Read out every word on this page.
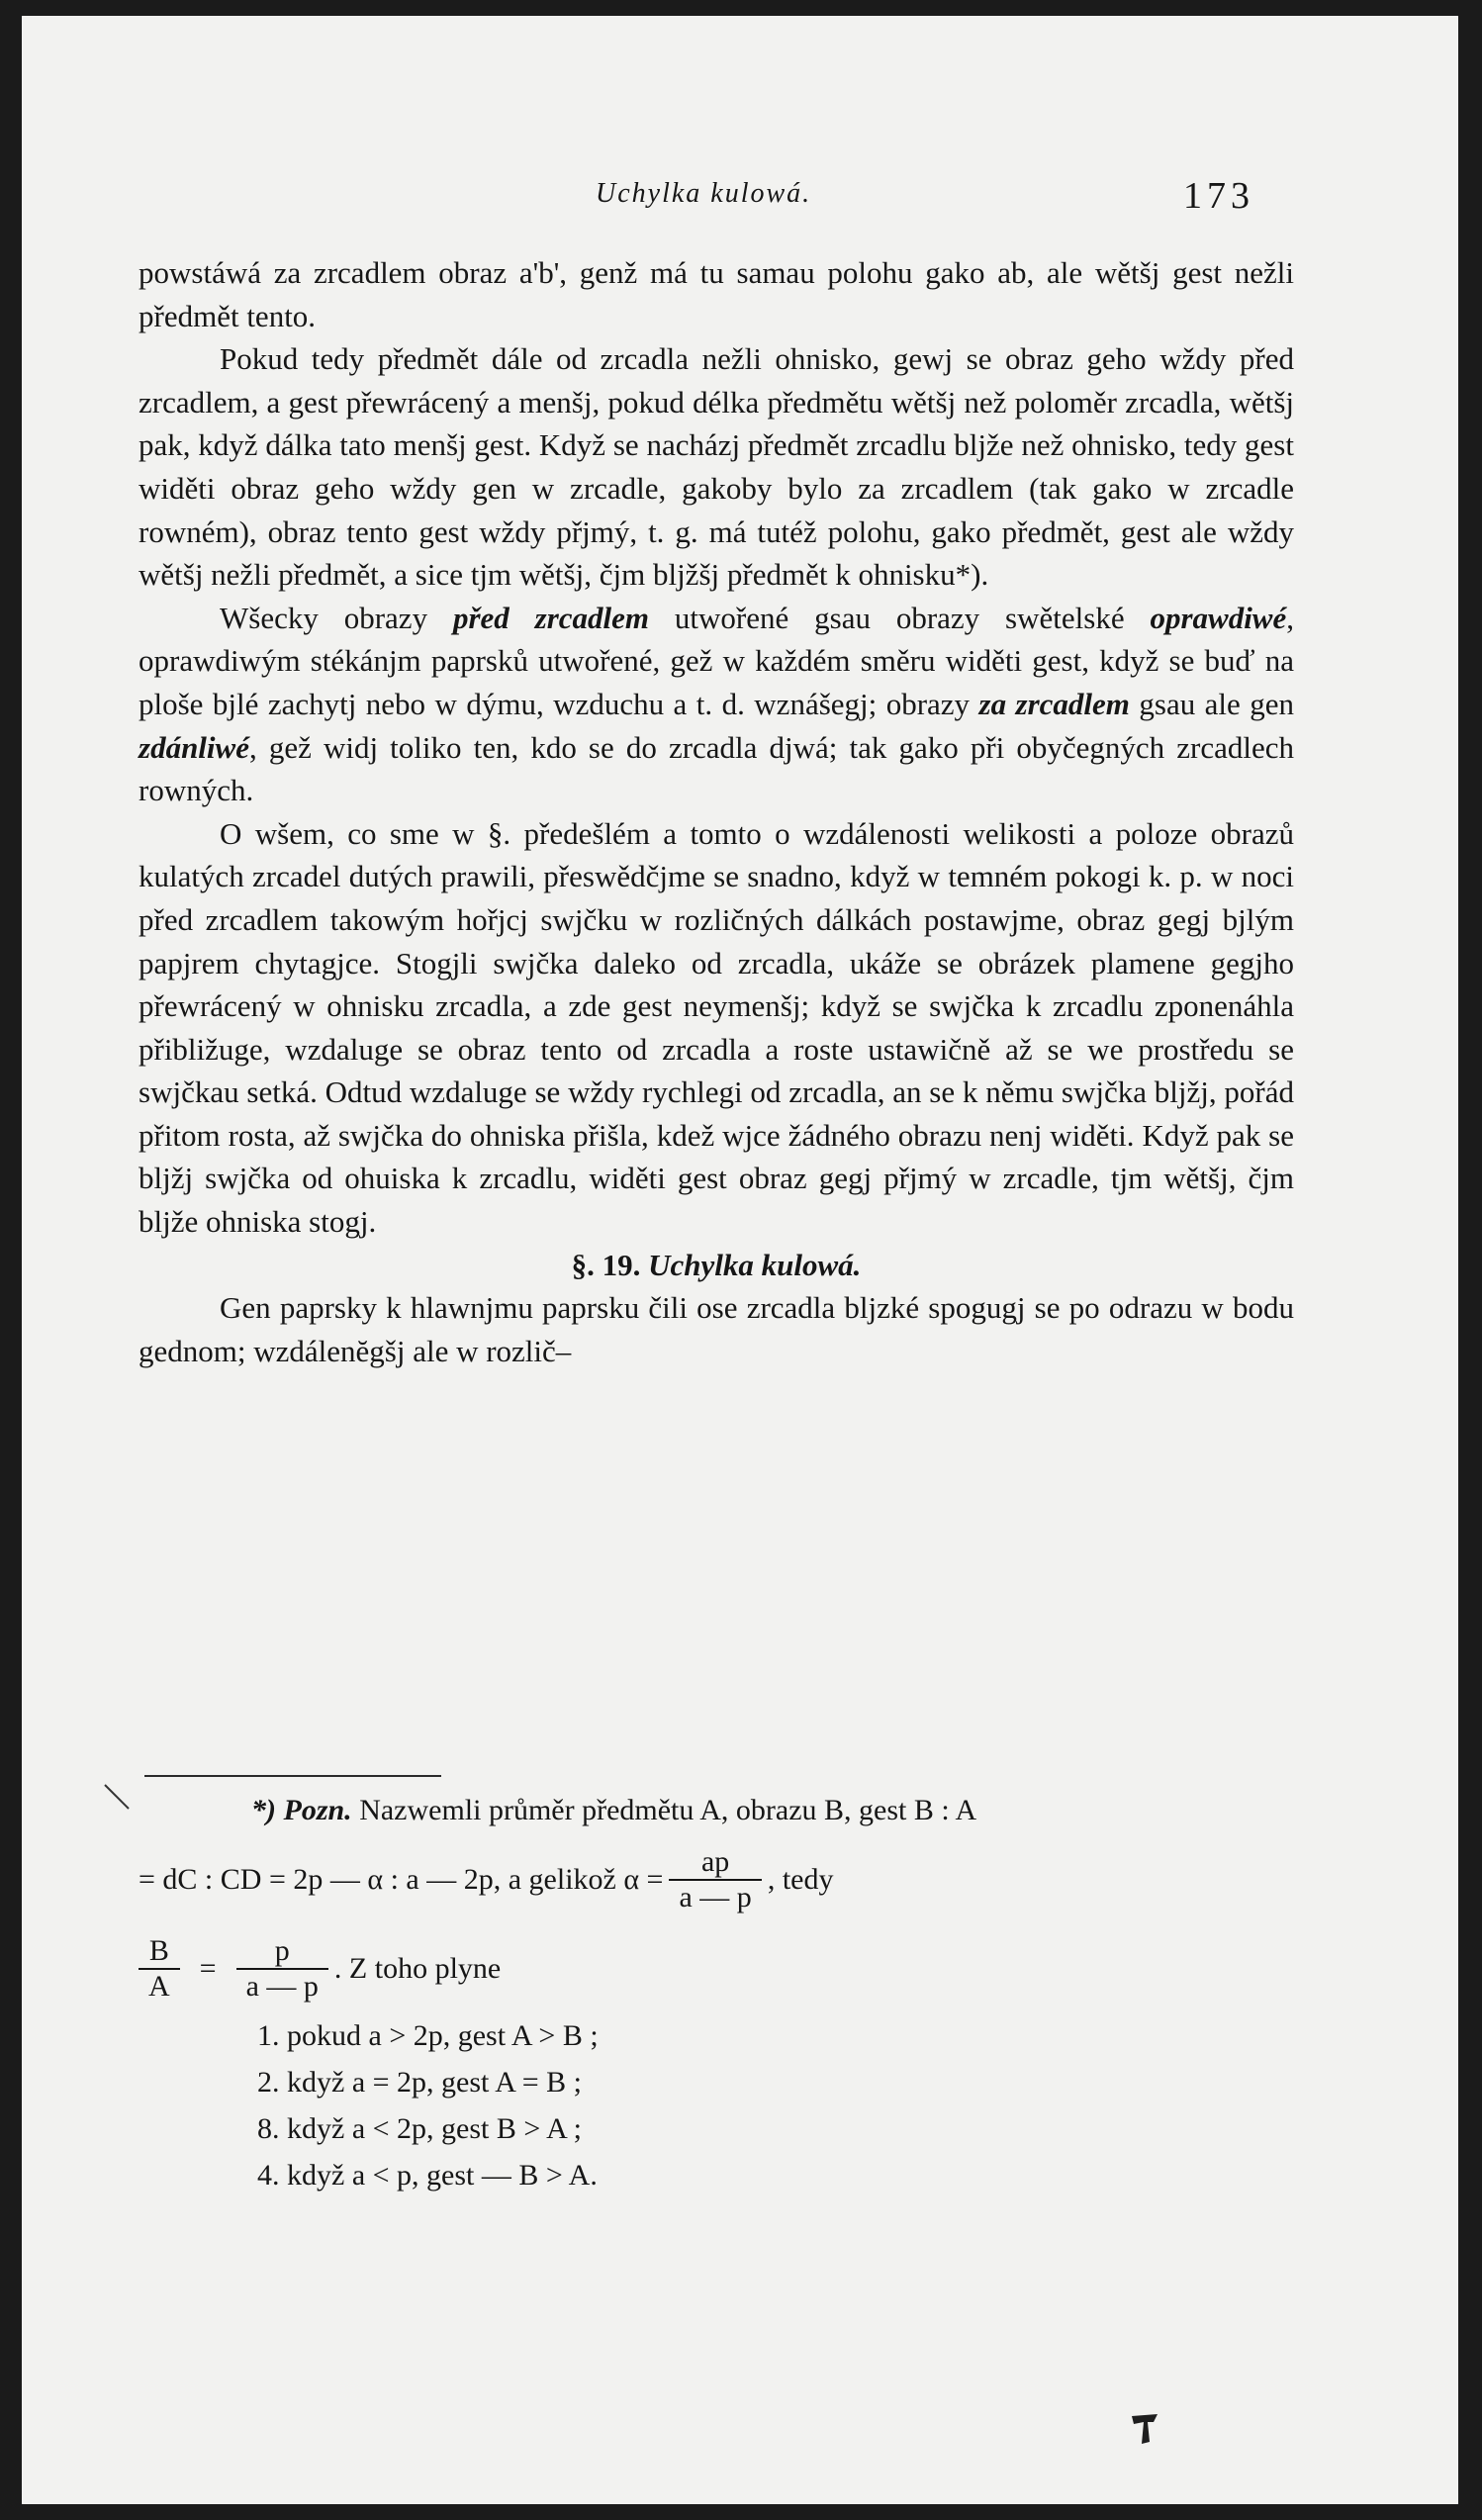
Uchylka kulowá.	173

powstáwá za zrcadlem obraz a'b', genž má tu samau polohu gako ab, ale wětšj gest nežli předmět tento.

Pokud tedy předmět dále od zrcadla nežli ohnisko, gewj se obraz geho wždy před zrcadlem, a gest přewrácený a menšj, pokud délka předmětu wětšj než poloměr zrcadla, wětšj pak, když dálka tato menšj gest. Když se nacházj předmět zrcadlu bljže než ohnisko, tedy gest widěti obraz geho wždy gen w zrcadle, gakoby bylo za zrcadlem (tak gako w zrcadle rowném), obraz tento gest wždy přjmý, t. g. má tutéž polohu, gako předmět, gest ale wždy wětšj nežli předmět, a sice tjm wětšj, čjm bljžšj předmět k ohnisku*).

Wšecky obrazy před zrcadlem utwořené gsau obrazy swětelské oprawdiwé, oprawdiwým stékánjm paprsků utwořené, gež w každém směru widěti gest, když se buď na ploše bjlé zachytj nebo w dýmu, wzduchu a t. d. wznášegj; obrazy za zrcadlem gsau ale gen zdánliwé, gež widj toliko ten, kdo se do zrcadla djwá; tak gako při obyčegných zrcadlech rowných.

O wšem, co sme w §. předešlém a tomto o wzdálenosti welikosti a poloze obrazů kulatých zrcadel dutých prawili, přeswědčjme se snadno, když w temném pokogi k. p. w noci před zrcadlem takowým hořjcj swjčku w rozličných dálkách postawjme, obraz gegj bjlým papjrem chytagjce. Stogjli swjčka daleko od zrcadla, ukáže se obrázek plamene gegjho přewrácený w ohnisku zrcadla, a zde gest neymenšj; když se swjčka k zrcadlu zponenáhla přibližuge, wzdaluge se obraz tento od zrcadla a roste ustawičně až se we prostředu se swjčkau setká. Odtud wzdaluge se wždy rychlegi od zrcadla, an se k němu swjčka bljžj, pořád přitom rosta, až swjčka do ohniska přišla, kdež wjce žádného obrazu nenj widěti. Když pak se bljžj swjčka od ohuiska k zrcadlu, widěti gest obraz gegj přjmý w zrcadle, tjm wětšj, čjm bljže ohniska stogj.

§. 19. Uchylka kulowá.

Gen paprsky k hlawnjmu paprsku čili ose zrcadla bljzké spogugj se po odrazu w bodu gednom; wzdálenĕgšj ale w rozlič–

*) Pozn. Nazwemli průměr předmětu A, obrazu B, gest B : A
= dC : CD = 2p — α : a — 2p, a gelikož $\alpha = \frac{ap}{a — p}$ , tedy
$\frac{B}{A} = \frac{p}{a — p}$ . Z toho plyne
1. pokud a > 2p, gest A > B ;
2. když a = 2p, gest A = B ;
8. když a < 2p, gest B > A ;
4. když a < p, gest — B > A.
